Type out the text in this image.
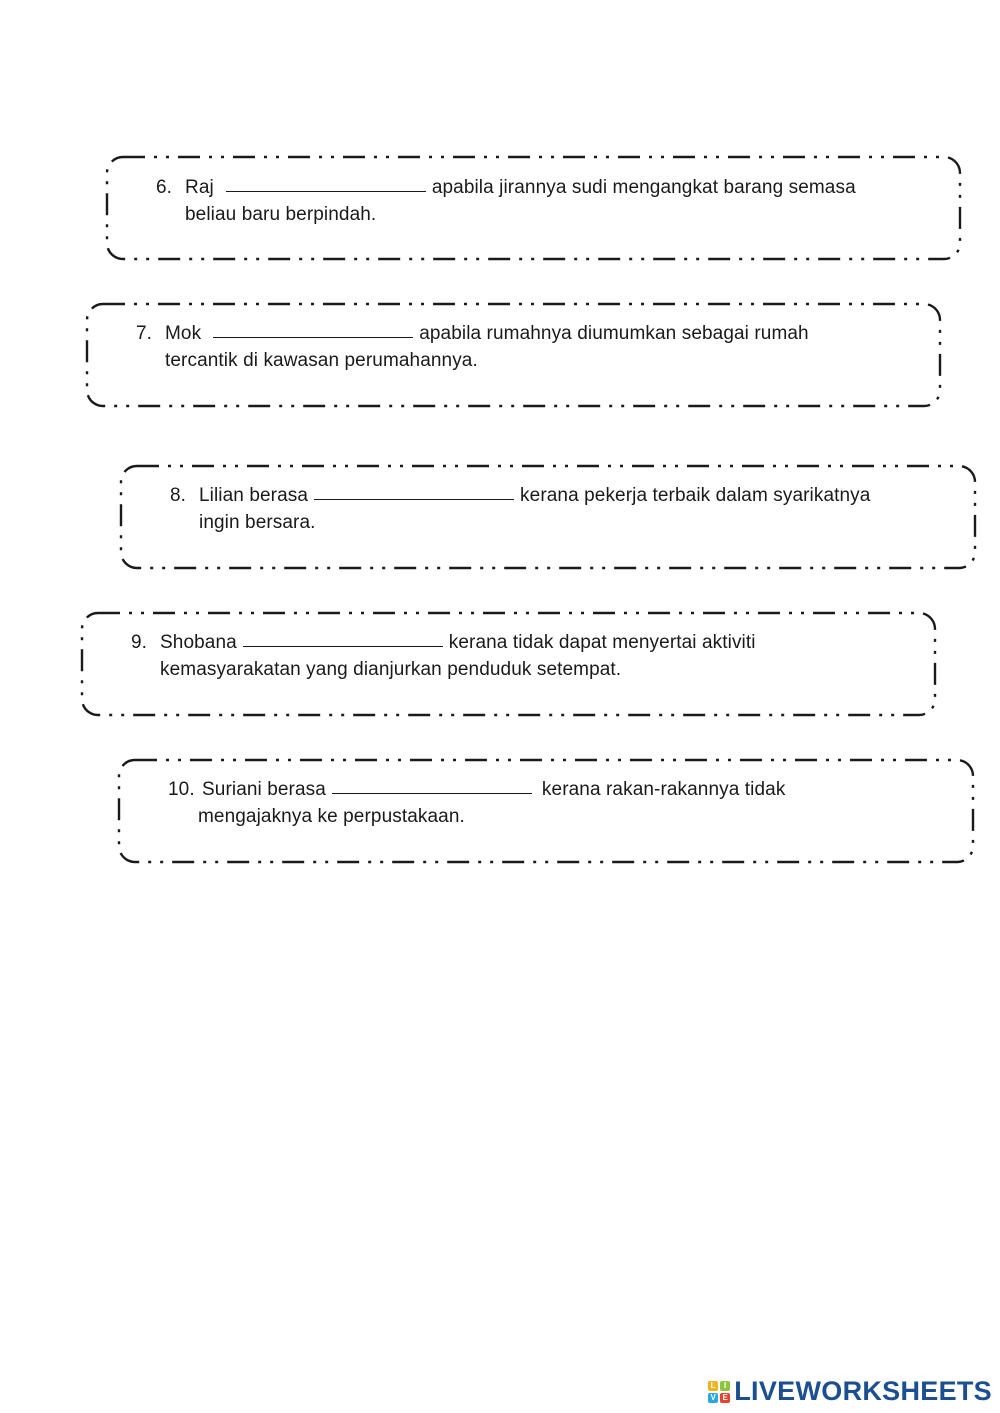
6. Raj	apabila jirannya sudi mengangkat barang semasa
beliau baru berpindah.
7. Mok	apabila rumahnya diumumkan sebagai rumah
tercantik di kawasan perumahannya.
8. Lilian berasa	kerana pekerja terbaik dalam syarikatnya
ingin bersara.
9. Shobana	kerana tidak dapat menyertai aktiviti
kemasyarakatan yang dianjurkan penduduk setempat.
10. Suriani berasa	kerana rakan-rakannya tidak
mengajaknya ke perpustakaan.
L	I
V E LIVEWORKSHEETS
